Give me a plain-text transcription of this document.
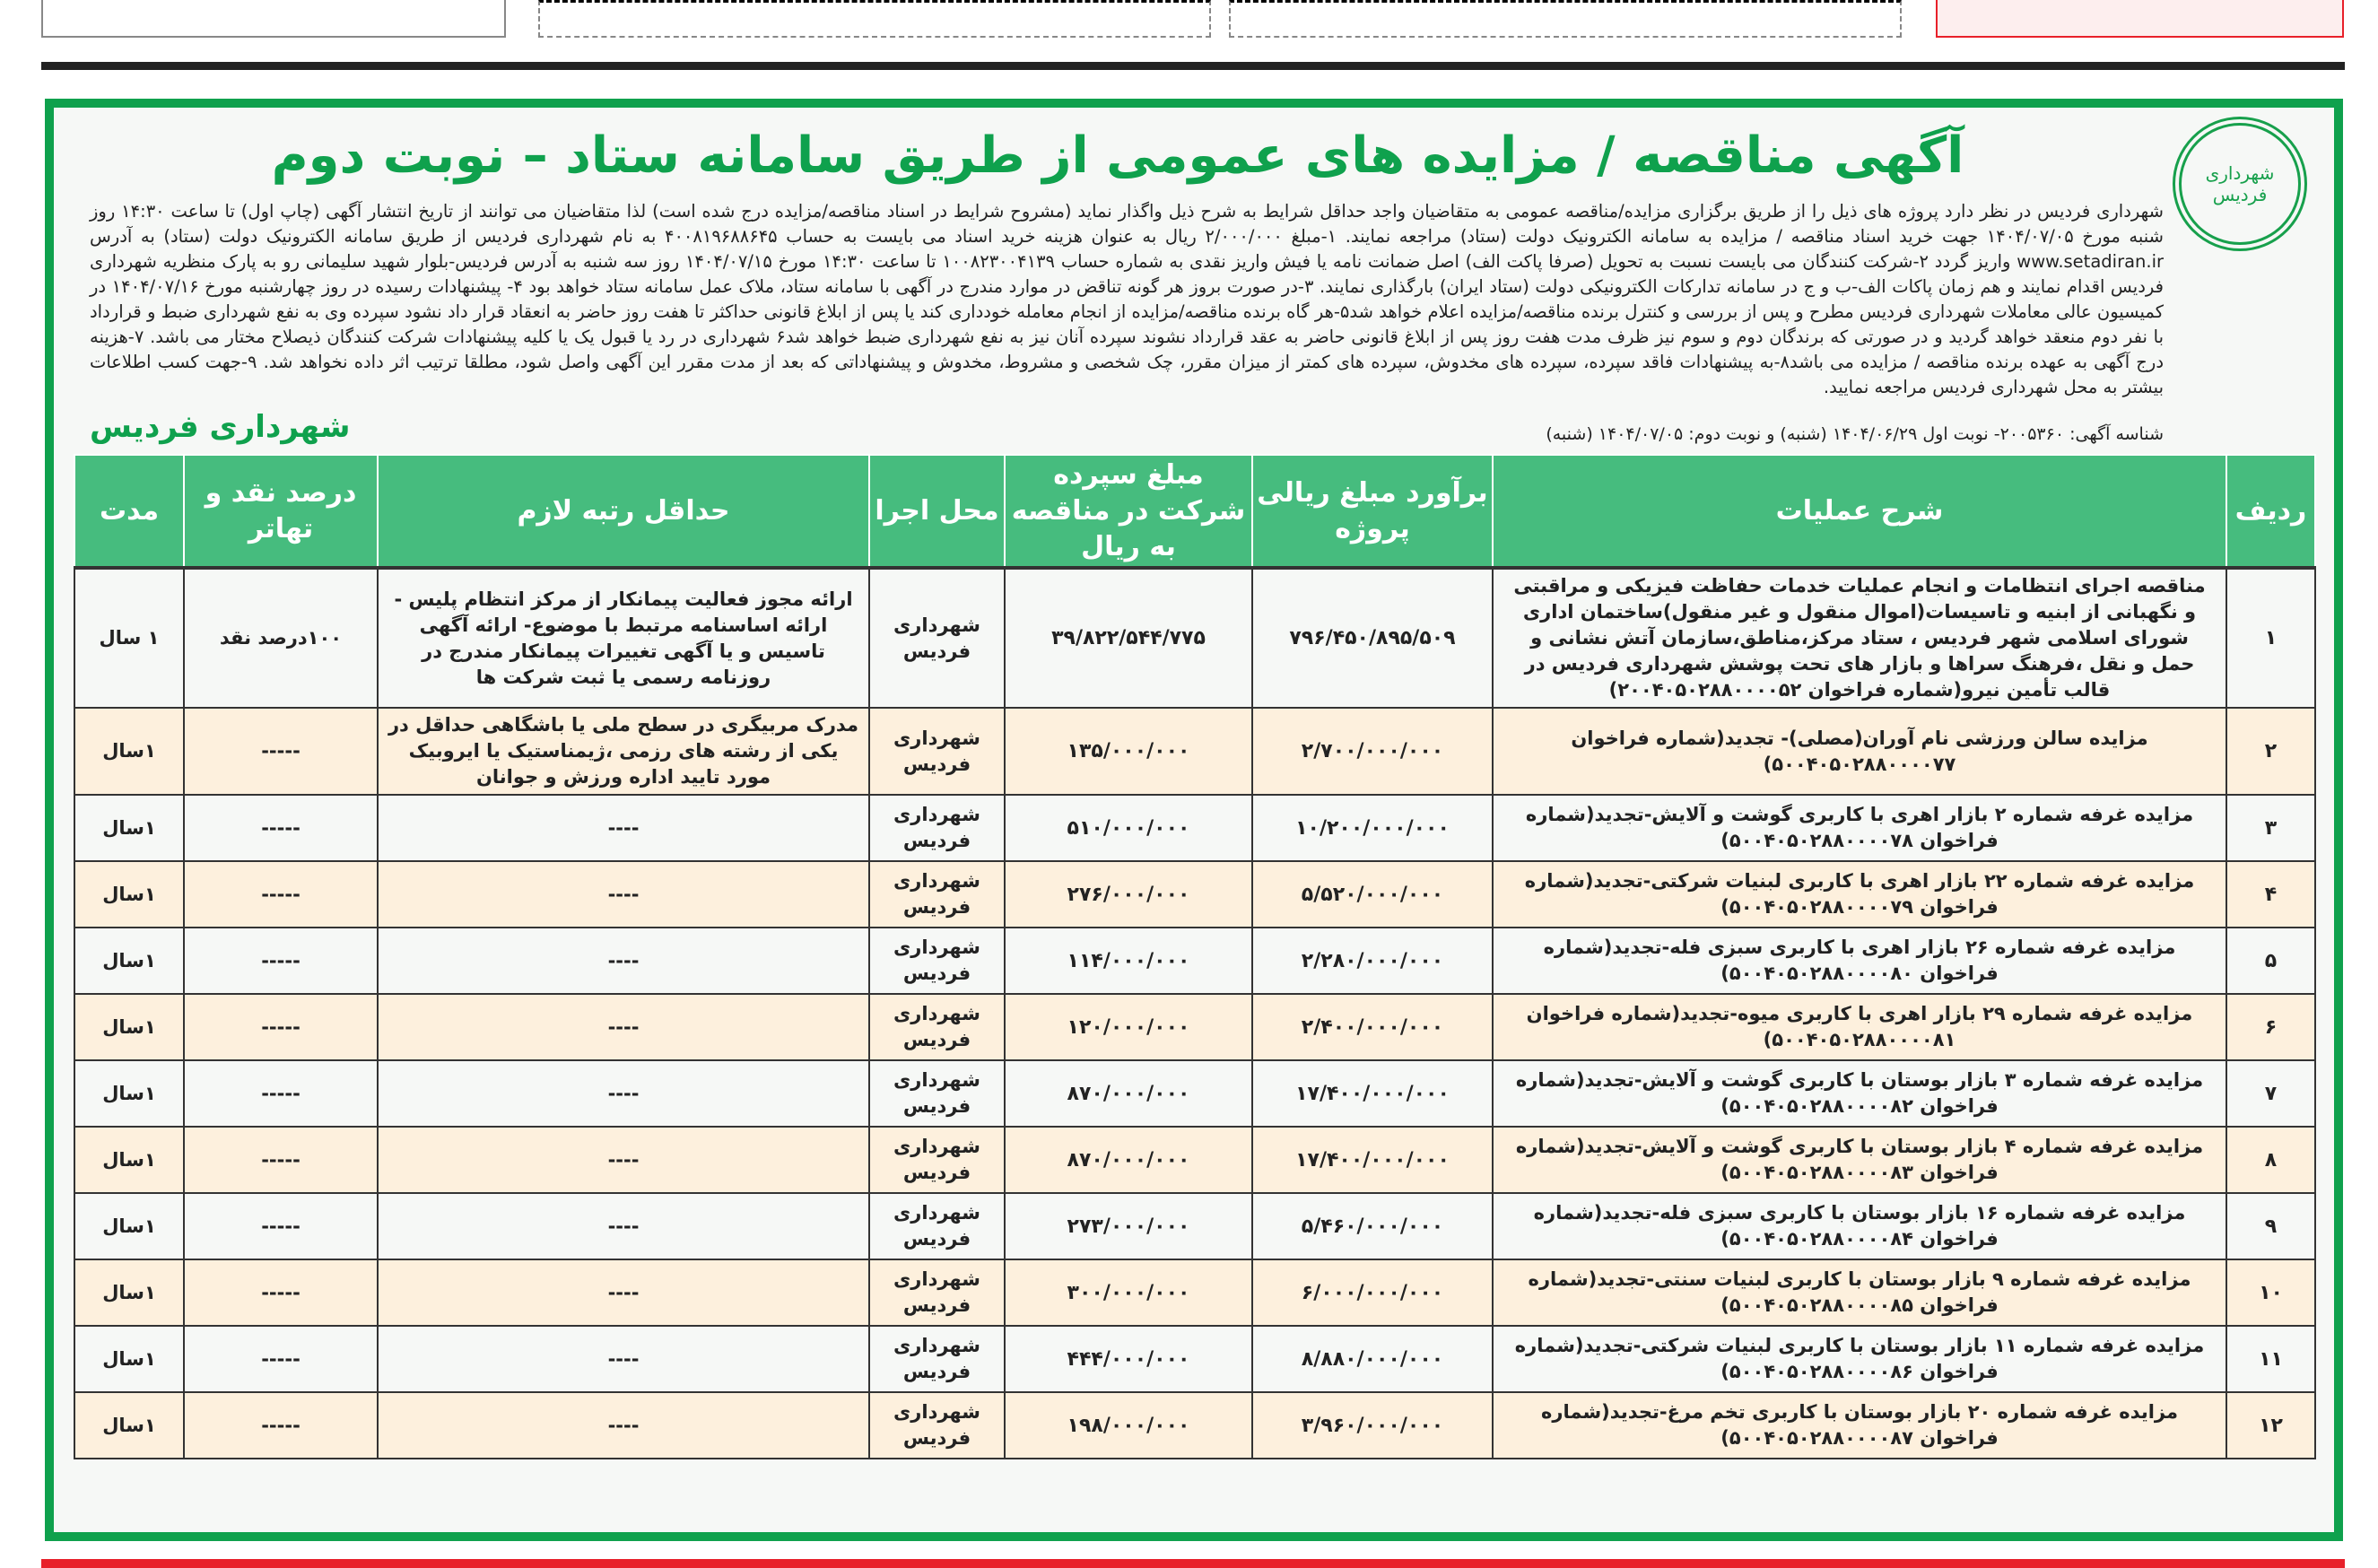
شهرداری فردیس
آگهی مناقصه / مزایده های عمومی از طریق سامانه ستاد – نوبت دوم
شهرداری فردیس در نظر دارد پروژه های ذیل را از طریق برگزاری مزایده/مناقصه عمومی به متقاضیان واجد حداقل شرایط به شرح ذیل واگذار نماید (مشروح شرایط در اسناد مناقصه/مزایده درج شده است) لذا متقاضیان می توانند از تاریخ انتشار آگهی (چاپ اول) تا ساعت ۱۴:۳۰ روز شنبه مورخ ۱۴۰۴/۰۷/۰۵ جهت خرید اسناد مناقصه / مزایده به سامانه الکترونیک دولت (ستاد) مراجعه نمایند. ۱-مبلغ ۲/۰۰۰/۰۰۰ ریال به عنوان هزینه خرید اسناد می بایست به حساب ۴۰۰۸۱۹۶۸۸۶۴۵ به نام شهرداری فردیس از طریق سامانه الکترونیک دولت (ستاد) به آدرس www.setadiran.ir واریز گردد ۲-شرکت کنندگان می بایست نسبت به تحویل (صرفا پاکت الف) اصل ضمانت نامه یا فیش واریز نقدی به شماره حساب ۱۰۰۸۲۳۰۰۴۱۳۹ تا ساعت ۱۴:۳۰ مورخ ۱۴۰۴/۰۷/۱۵ روز سه شنبه به آدرس فردیس-بلوار شهید سلیمانی رو به پارک منظریه شهرداری فردیس اقدام نمایند و هم زمان پاکات الف-ب و ج در سامانه تدارکات الکترونیکی دولت (ستاد ایران) بارگذاری نمایند. ۳-در صورت بروز هر گونه تناقض در موارد مندرج در آگهی با سامانه ستاد، ملاک عمل سامانه ستاد خواهد بود ۴- پیشنهادات رسیده در روز چهارشنبه مورخ ۱۴۰۴/۰۷/۱۶ در کمیسیون عالی معاملات شهرداری فردیس مطرح و پس از بررسی و کنترل برنده مناقصه/مزایده اعلام خواهد شد۵-هر گاه برنده مناقصه/مزایده از انجام معامله خودداری کند یا پس از ابلاغ قانونی حداکثر تا هفت روز حاضر به انعقاد قرار داد نشود سپرده وی به نفع شهرداری ضبط و قرارداد با نفر دوم منعقد خواهد گردید و در صورتی که برندگان دوم و سوم نیز ظرف مدت هفت روز پس از ابلاغ قانونی حاضر به عقد قرارداد نشوند سپرده آنان نیز به نفع شهرداری ضبط خواهد شد۶ شهرداری در رد یا قبول یک یا کلیه پیشنهادات شرکت کنندگان ذیصلاح مختار می باشد. ۷-هزینه درج آگهی به عهده برنده مناقصه / مزایده می باشد۸-به پیشنهادات فاقد سپرده، سپرده های مخدوش، سپرده های کمتر از میزان مقرر، چک شخصی و مشروط، مخدوش و پیشنهاداتی که بعد از مدت مقرر این آگهی واصل شود، مطلقا ترتیب اثر داده نخواهد شد. ۹-جهت کسب اطلاعات بیشتر به محل شهرداری فردیس مراجعه نمایید.
شناسه آگهی: ۲۰۰۵۳۶۰- نوبت اول ۱۴۰۴/۰۶/۲۹ (شنبه) و نوبت دوم: ۱۴۰۴/۰۷/۰۵ (شنبه)
شهرداری فردیس
ردیف	شرح عملیات	برآورد مبلغ ریالی پروژه	مبلغ سپرده شرکت در مناقصه به ریال	محل اجرا	حداقل رتبه لازم	درصد نقد و تهاتر	مدت
۱	مناقصه اجرای انتظامات و انجام عملیات خدمات حفاظت فیزیکی و مراقبتی و نگهبانی از ابنیه و تاسیسات(اموال منقول و غیر منقول)ساختمان اداری شورای اسلامی شهر فردیس ، ستاد مرکز،مناطق،سازمان آتش نشانی و حمل و نقل ،فرهنگ سراها و بازار های تحت پوشش شهرداری فردیس در قالب تأمین نیرو(شماره فراخوان ۲۰۰۴۰۵۰۲۸۸۰۰۰۰۵۲)	۷۹۶/۴۵۰/۸۹۵/۵۰۹	۳۹/۸۲۲/۵۴۴/۷۷۵	شهرداری فردیس	ارائه مجوز فعالیت پیمانکار از مرکز انتظام پلیس - ارائه اساسنامه مرتبط با موضوع- ارائه آگهی تاسیس و یا آگهی تغییرات پیمانکار مندرج در روزنامه رسمی یا ثبت شرکت ها	۱۰۰درصد نقد	۱ سال
۲	مزایده سالن ورزشی نام آوران(مصلی)- تجدید(شماره فراخوان ۵۰۰۴۰۵۰۲۸۸۰۰۰۰۷۷)	۲/۷۰۰/۰۰۰/۰۰۰	۱۳۵/۰۰۰/۰۰۰	شهرداری فردیس	مدرک مربیگری در سطح ملی یا باشگاهی حداقل در یکی از رشته های رزمی ،ژیمناستیک یا ایروبیک مورد تایید اداره ورزش و جوانان	-----	۱سال
۳	مزایده غرفه شماره ۲ بازار اهری با کاربری گوشت و آلایش-تجدید(شماره فراخوان ۵۰۰۴۰۵۰۲۸۸۰۰۰۰۷۸)	۱۰/۲۰۰/۰۰۰/۰۰۰	۵۱۰/۰۰۰/۰۰۰	شهرداری فردیس	----	-----	۱سال
۴	مزایده غرفه شماره ۲۲ بازار اهری با کاربری لبنیات شرکتی-تجدید(شماره فراخوان ۵۰۰۴۰۵۰۲۸۸۰۰۰۰۷۹)	۵/۵۲۰/۰۰۰/۰۰۰	۲۷۶/۰۰۰/۰۰۰	شهرداری فردیس	----	-----	۱سال
۵	مزایده غرفه شماره ۲۶ بازار اهری با کاربری سبزی فله-تجدید(شماره فراخوان ۵۰۰۴۰۵۰۲۸۸۰۰۰۰۸۰)	۲/۲۸۰/۰۰۰/۰۰۰	۱۱۴/۰۰۰/۰۰۰	شهرداری فردیس	----	-----	۱سال
۶	مزایده غرفه شماره ۲۹ بازار اهری با کاربری میوه-تجدید(شماره فراخوان ۵۰۰۴۰۵۰۲۸۸۰۰۰۰۸۱)	۲/۴۰۰/۰۰۰/۰۰۰	۱۲۰/۰۰۰/۰۰۰	شهرداری فردیس	----	-----	۱سال
۷	مزایده غرفه شماره ۳ بازار بوستان با کاربری گوشت و آلایش-تجدید(شماره فراخوان ۵۰۰۴۰۵۰۲۸۸۰۰۰۰۸۲)	۱۷/۴۰۰/۰۰۰/۰۰۰	۸۷۰/۰۰۰/۰۰۰	شهرداری فردیس	----	-----	۱سال
۸	مزایده غرفه شماره ۴ بازار بوستان با کاربری گوشت و آلایش-تجدید(شماره فراخوان ۵۰۰۴۰۵۰۲۸۸۰۰۰۰۸۳)	۱۷/۴۰۰/۰۰۰/۰۰۰	۸۷۰/۰۰۰/۰۰۰	شهرداری فردیس	----	-----	۱سال
۹	مزایده غرفه شماره ۱۶ بازار بوستان با کاربری سبزی فله-تجدید(شماره فراخوان ۵۰۰۴۰۵۰۲۸۸۰۰۰۰۸۴)	۵/۴۶۰/۰۰۰/۰۰۰	۲۷۳/۰۰۰/۰۰۰	شهرداری فردیس	----	-----	۱سال
۱۰	مزایده غرفه شماره ۹ بازار بوستان با کاربری لبنیات سنتی-تجدید(شماره فراخوان ۵۰۰۴۰۵۰۲۸۸۰۰۰۰۸۵)	۶/۰۰۰/۰۰۰/۰۰۰	۳۰۰/۰۰۰/۰۰۰	شهرداری فردیس	----	-----	۱سال
۱۱	مزایده غرفه شماره ۱۱ بازار بوستان با کاربری لبنیات شرکتی-تجدید(شماره فراخوان ۵۰۰۴۰۵۰۲۸۸۰۰۰۰۸۶)	۸/۸۸۰/۰۰۰/۰۰۰	۴۴۴/۰۰۰/۰۰۰	شهرداری فردیس	----	-----	۱سال
۱۲	مزایده غرفه شماره ۲۰ بازار بوستان با کاربری تخم مرغ-تجدید(شماره فراخوان ۵۰۰۴۰۵۰۲۸۸۰۰۰۰۸۷)	۳/۹۶۰/۰۰۰/۰۰۰	۱۹۸/۰۰۰/۰۰۰	شهرداری فردیس	----	-----	۱سال
